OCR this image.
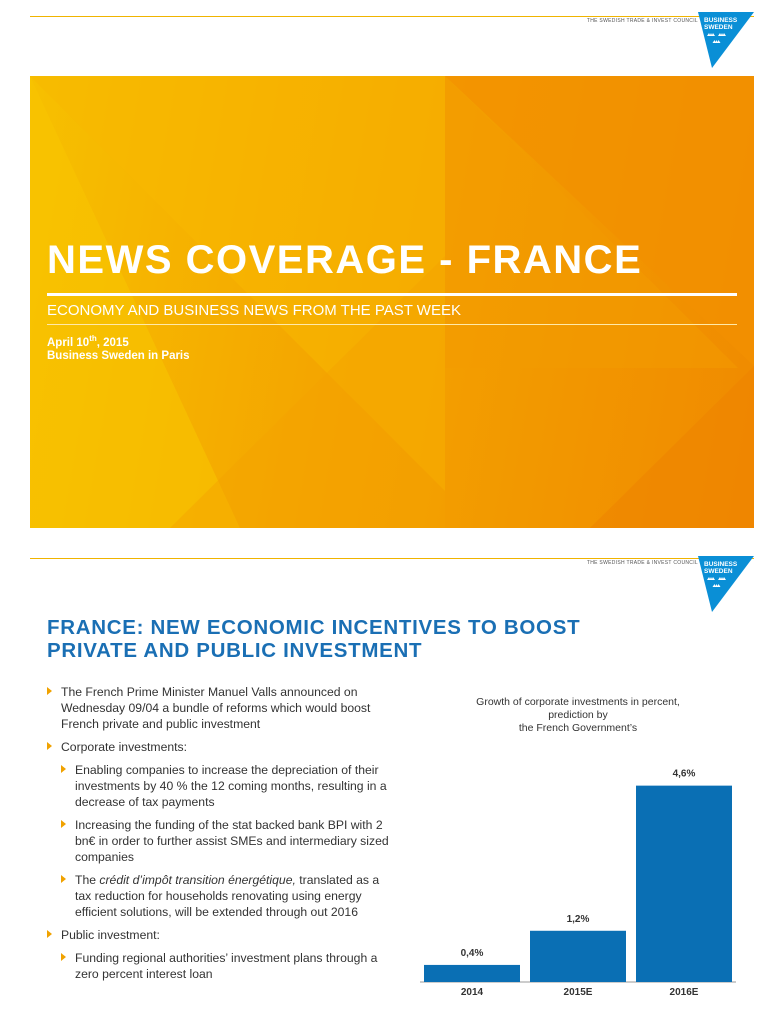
THE SWEDISH TRADE & INVEST COUNCIL BUSINESS
SWEDEN
NEWS COVERAGE - FRANCE
ECONOMY AND BUSINESS NEWS FROM THE PAST WEEK
April 10th, 2015
Business Sweden in Paris
THE SWEDISH TRADE & INVEST COUNCIL BUSINESS
SWEDEN
FRANCE: NEW ECONOMIC INCENTIVES TO BOOST
PRIVATE AND PUBLIC INVESTMENT
The French Prime Minister Manuel Valls announced on Wednesday 09/04 a bundle of reforms which would boost French private and public investment
Corporate investments:
Enabling companies to increase the depreciation of their investments by 40 % the 12 coming months, resulting in a decrease of tax payments
Increasing the funding of the stat backed bank BPI with 2 bn€ in order to further assist SMEs and intermediary sized companies
The crédit d’impôt transition énergétique, translated as a tax reduction for households renovating using energy efficient solutions, will be extended through out 2016
Public investment:
Funding regional authorities’ investment plans through a zero percent interest loan
Growth of corporate investments in percent,
prediction by
the French Government’s
0,4%
2014
1,2%
2015E
4,6%
2016E
